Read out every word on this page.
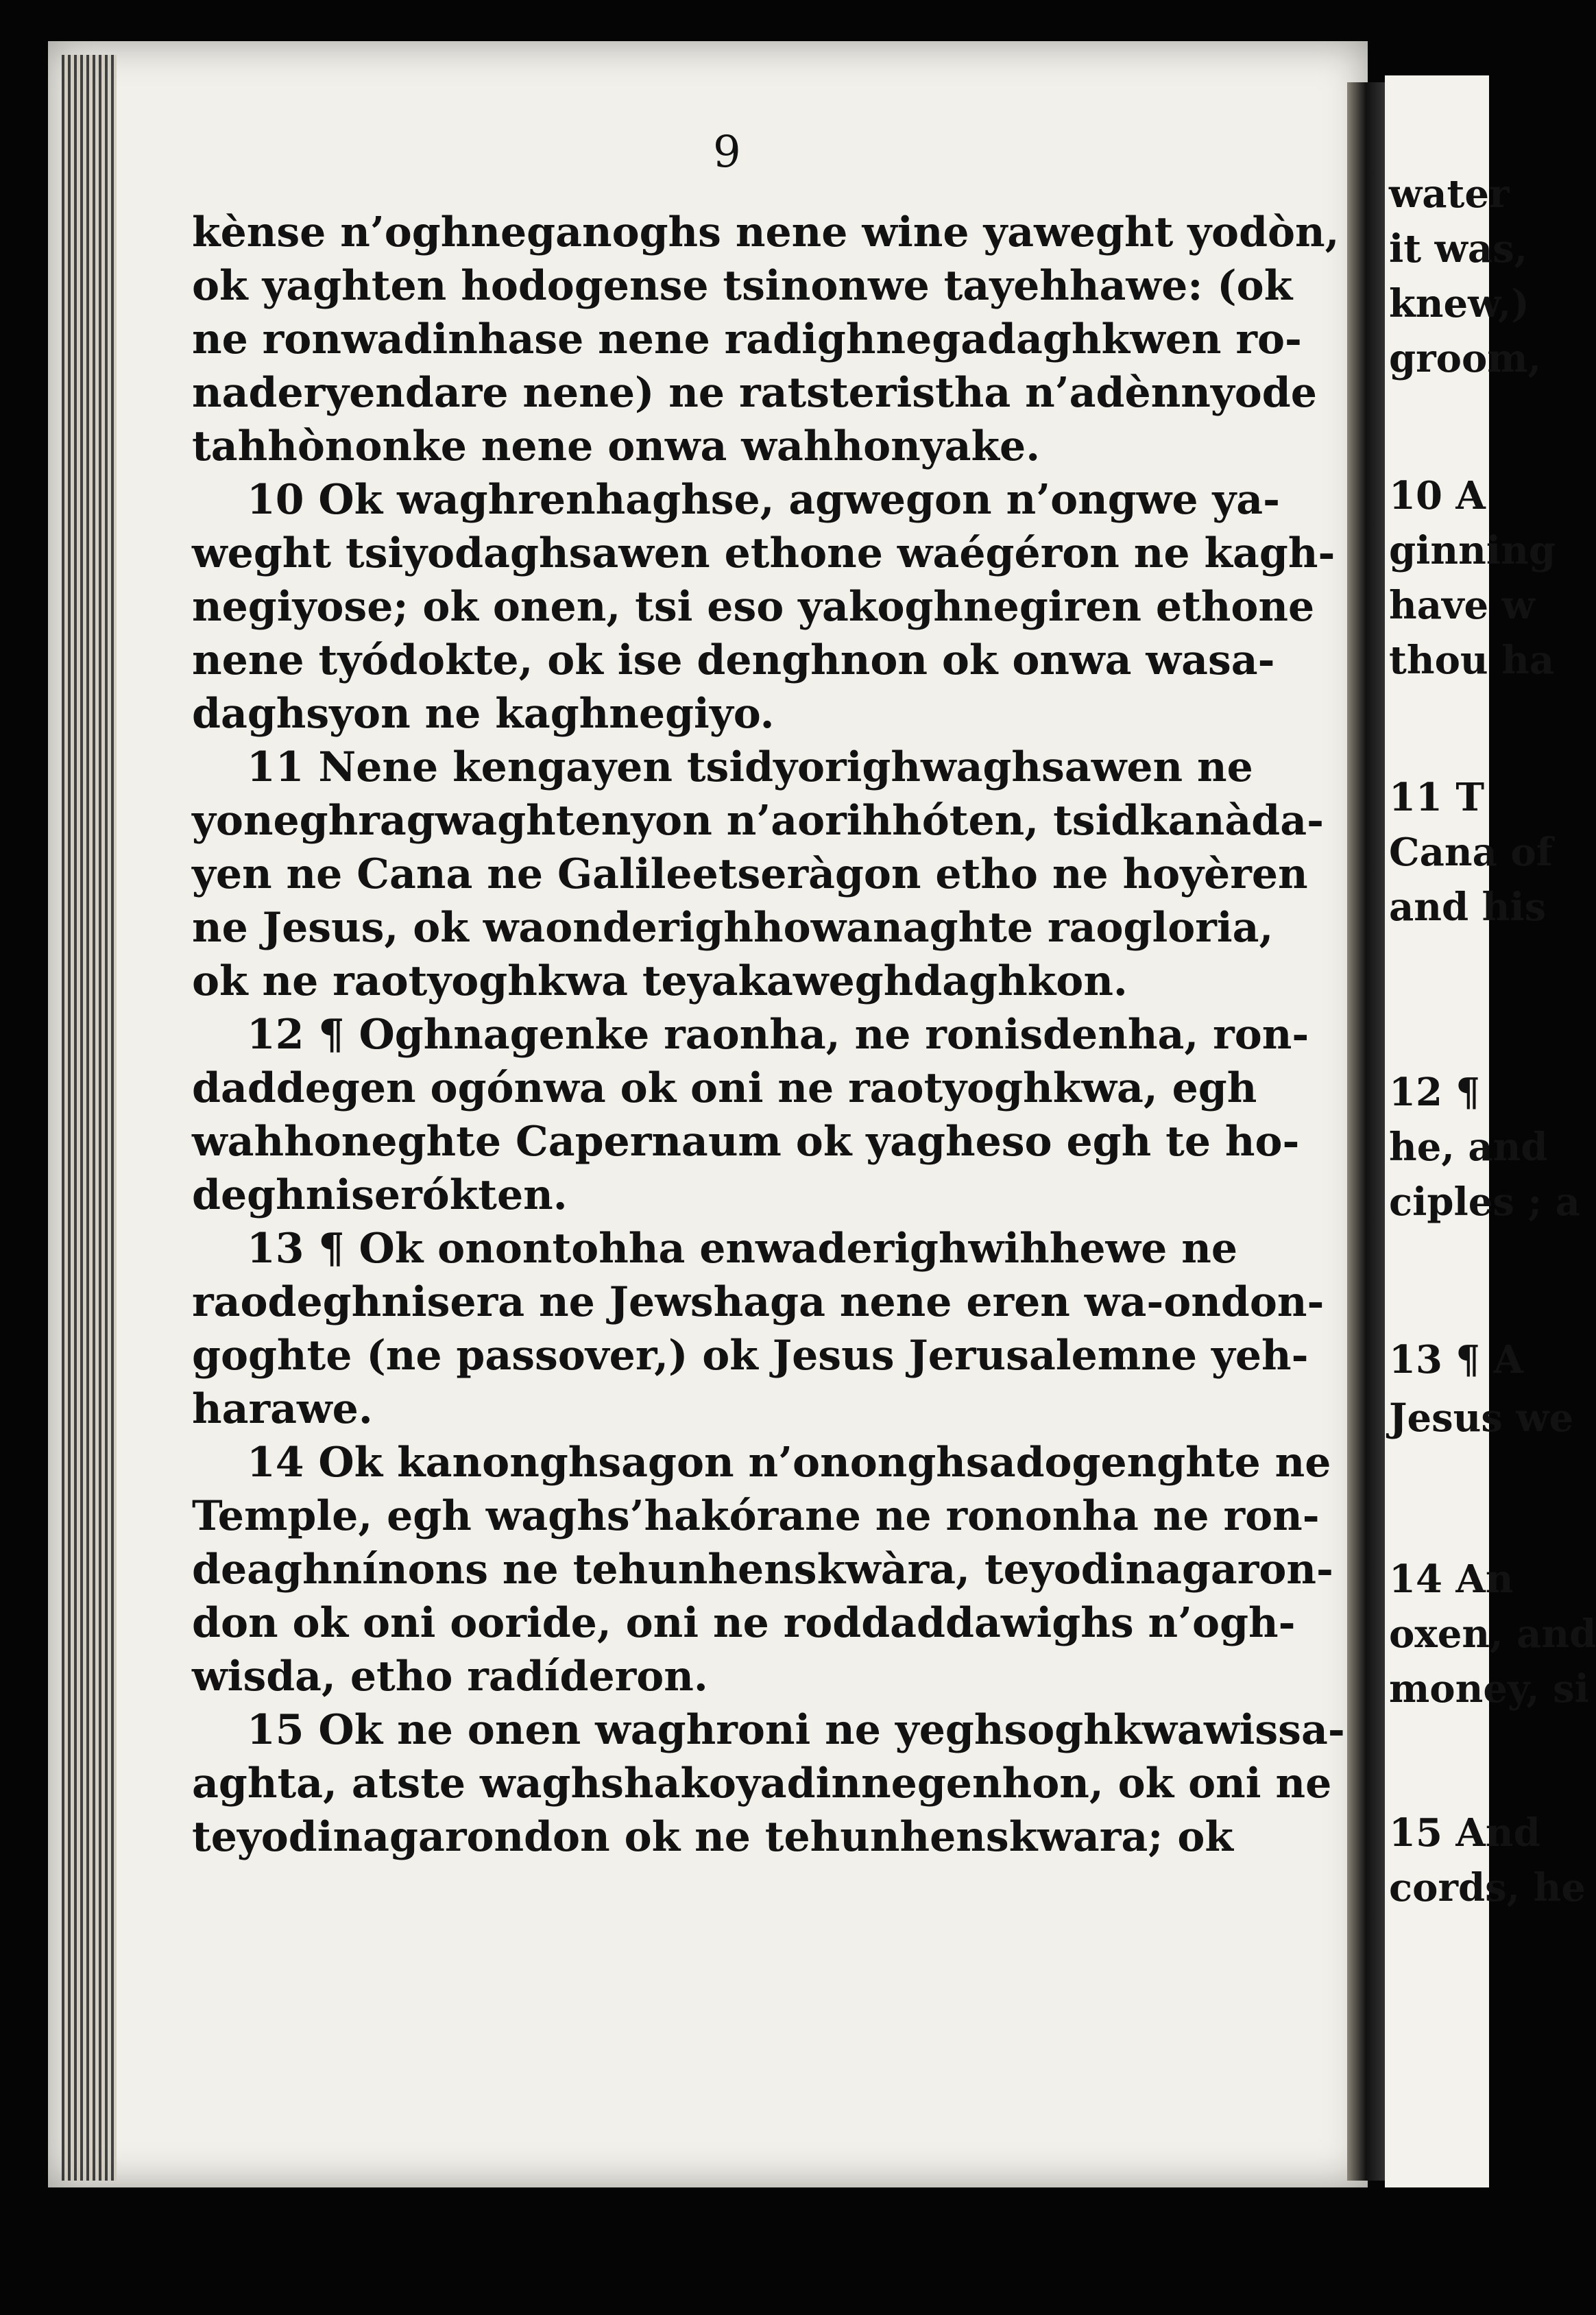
water
it was,
knew,)
groom,
10 A
ginning
have w
thou ha
11 T
Cana of
and his
12 ¶
he, and
ciples ; a
13 ¶ A
Jesus we
14 An
oxen, and
money, si
15 And
cords, he
9
kènse n’oghneganoghs nene wine yaweght yodòn,
ok yaghten hodogense tsinonwe tayehhawe: (ok
ne ronwadinhase nene radighnegadaghkwen ro-
naderyendare nene) ne ratsteristha n’adènnyode
tahhònonke nene onwa wahhonyake.
10 Ok waghrenhaghse, agwegon n’ongwe ya-
weght tsiyodaghsawen ethone waégéron ne kagh-
negiyose; ok onen, tsi eso yakoghnegiren ethone
nene tyódokte, ok ise denghnon ok onwa wasa-
daghsyon ne kaghnegiyo.
11 Nene kengayen tsidyorighwaghsawen ne
yoneghragwaghtenyon n’aorihhóten, tsidkanàda-
yen ne Cana ne Galileetseràgon etho ne hoyèren
ne Jesus, ok waonderighhowanaghte raogloria,
ok ne raotyoghkwa teyakaweghdaghkon.
12 ¶ Oghnagenke raonha, ne ronisdenha, ron-
daddegen ogónwa ok oni ne raotyoghkwa, egh
wahhoneghte Capernaum ok yagheso egh te ho-
deghniserókten.
13 ¶ Ok onontohha enwaderighwihhewe ne
raodeghnisera ne Jewshaga nene eren wa-ondon-
goghte (ne passover,) ok Jesus Jerusalemne yeh-
harawe.
14 Ok kanonghsagon n’ononghsadogenghte ne
Temple, egh waghs’hakórane ne rononha ne ron-
deaghnínons ne tehunhenskwàra, teyodinagaron-
don ok oni ooride, oni ne roddaddawighs n’ogh-
wisda, etho radíderon.
15 Ok ne onen waghroni ne yeghsoghkwawissa-
aghta, atste waghshakoyadinnegenhon, ok oni ne
teyodinagarondon ok ne tehunhenskwara; ok
